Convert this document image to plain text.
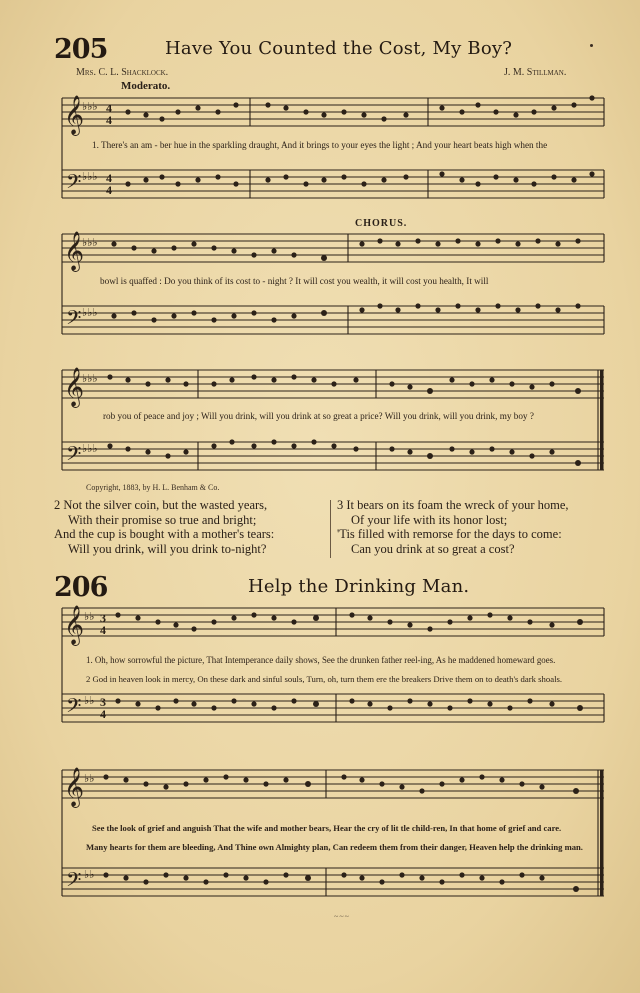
205	Have You Counted the Cost, My Boy?
Mrs. C. L. Shacklock.	J. M. Stillman.
Moderato.
𝄞
𝄢
♭♭♭
♭♭♭
4
4
4
4
1. There's an am - ber hue in the sparkling draught, And it brings to your eyes the light ; And your heart beats high when the
CHORUS.
𝄞
𝄢
♭♭♭
♭♭♭
bowl is quaffed : Do you think of its cost to - night ? It will cost you wealth, it will cost you health, It will
𝄞
𝄢
♭♭♭
♭♭♭
rob you of peace and joy ; Will you drink, will you drink at so great a price? Will you drink, will you drink, my boy ?
Copyright, 1883, by H. L. Benham & Co.
2 Not the silver coin, but the wasted years,
With their promise so true and bright;
And the cup is bought with a mother's tears:
Will you drink, will you drink to-night?
3 It bears on its foam the wreck of your home,
Of your life with its honor lost;
'Tis filled with remorse for the days to come:
Can you drink at so great a cost?
206	Help the Drinking Man.
𝄞
𝄢
♭♭
♭♭
3
4
3
4
1. Oh, how sorrowful the picture, That Intemperance daily shows, See the drunken father reel-ing, As he maddened homeward goes.
2 God in heaven look in mercy, On these dark and sinful souls, Turn, oh, turn them ere the breakers Drive them on to death's dark shoals.
𝄞
𝄢
♭♭
♭♭
See the look of grief and anguish That the wife and mother bears, Hear the cry of lit tle child-ren, In that home of grief and care.
Many hearts for them are bleeding, And Thine own Almighty plan, Can redeem them from their danger, Heaven help the drinking man.
~~~
